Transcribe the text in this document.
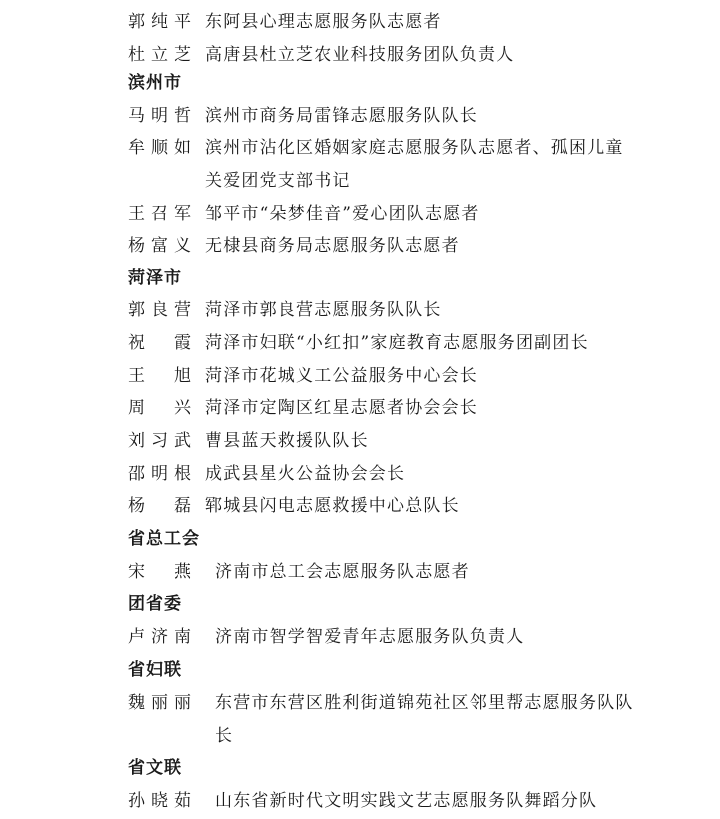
郭纯平 东阿县心理志愿服务队志愿者
杜立芝 高唐县杜立芝农业科技服务团队负责人
滨州市
马明哲 滨州市商务局雷锋志愿服务队队长
牟顺如 滨州市沾化区婚姻家庭志愿服务队志愿者、孤困儿童关爱团党支部书记
王召军 邹平市“朵梦佳音”爱心团队志愿者
杨富义 无棣县商务局志愿服务队志愿者
菏泽市
郭良营 菏泽市郭良营志愿服务队队长
祝霞 菏泽市妇联“小红扣”家庭教育志愿服务团副团长
王旭 菏泽市花城义工公益服务中心会长
周兴 菏泽市定陶区红星志愿者协会会长
刘习武 曹县蓝天救援队队长
邵明根 成武县星火公益协会会长
杨磊 郓城县闪电志愿救援中心总队长
省总工会
宋燕 济南市总工会志愿服务队志愿者
团省委
卢济南 济南市智学智爱青年志愿服务队负责人
省妇联
魏丽丽 东营市东营区胜利街道锦苑社区邻里帮志愿服务队队长
省文联
孙晓茹 山东省新时代文明实践文艺志愿服务队舞蹈分队
